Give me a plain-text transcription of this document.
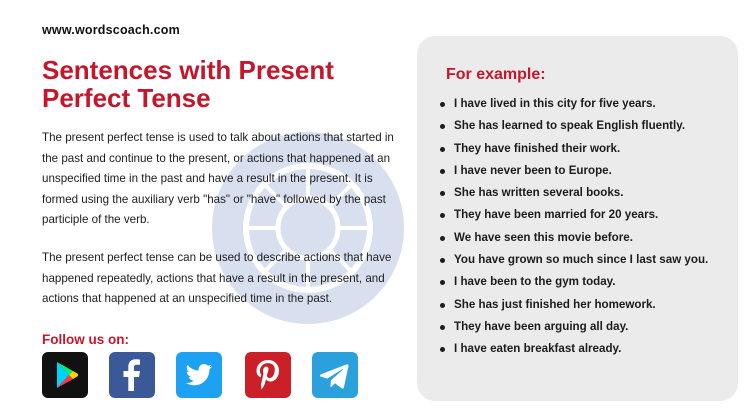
www.wordscoach.com
Sentences with Present Perfect Tense

The present perfect tense is used to talk about actions that started in the past and continue to the present, or actions that happened at an unspecified time in the past and have a result in the present. It is formed using the auxiliary verb "has" or "have" followed by the past participle of the verb.

The present perfect tense can be used to describe actions that have happened repeatedly, actions that have a result in the present, and actions that happened at an unspecified time in the past.

Follow us on:
For example:
I have lived in this city for five years.
She has learned to speak English fluently.
They have finished their work.
I have never been to Europe.
She has written several books.
They have been married for 20 years.
We have seen this movie before.
You have grown so much since I last saw you.
I have been to the gym today.
She has just finished her homework.
They have been arguing all day.
I have eaten breakfast already.
